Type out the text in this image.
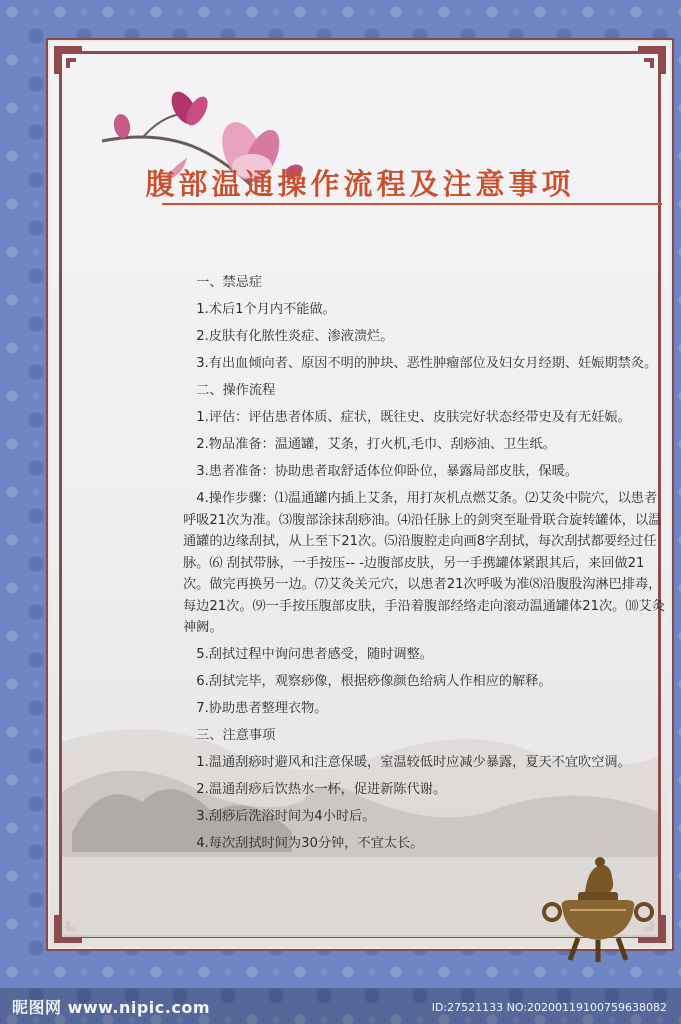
腹部温通操作流程及注意事项

一、禁忌症

1.术后1个月内不能做。

2.皮肤有化脓性炎症、渗液溃烂。

3.有出血倾向者、原因不明的肿块、恶性肿瘤部位及妇女月经期、妊娠期禁灸。

二、操作流程

1.评估：评估患者体质、症状，既往史、皮肤完好状态经带史及有无妊娠。

2.物品准备：温通罐，艾条，打火机,毛巾、刮痧油、卫生纸。

3.患者准备：协助患者取舒适体位仰卧位，暴露局部皮肤，保暖。

4.操作步骤：⑴温通罐内插上艾条，用打灰机点燃艾条。⑵艾灸中院穴，以患者呼吸21次为准。⑶腹部涂抹刮痧油。⑷沿任脉上的剑突至耻骨联合旋转罐体，以温通罐的边缘刮拭，从上至下21次。⑸沿腹腔走向画8字刮拭，每次刮拭都要经过任脉。⑹ 刮拭带脉，一手按压-- -边腹部皮肤，另一手携罐体紧跟其后，来回做21次。做完再换另一边。⑺艾灸关元穴，以患者21次呼吸为准⑻沿腹股沟淋巴排毒，每边21次。⑼一手按压腹部皮肤，手沿着腹部经络走向滚动温通罐体21次。⑽艾灸神阙。

5.刮拭过程中询问患者感受，随时调整。

6.刮拭完毕，观察痧像，根据痧像颜色给病人作相应的解释。

7.协助患者整理衣物。

三、注意事项

1.温通刮痧时避风和注意保暖，室温较低时应减少暴露，夏天不宜吹空调。

2.温通刮痧后饮热水一杯，促进新陈代谢。

3.刮痧后洗浴时间为4小时后。

4.每次刮拭时间为30分钟，不宜太长。

昵图网 www.nipic.com	ID:27521133 NO:20200119100759638082
